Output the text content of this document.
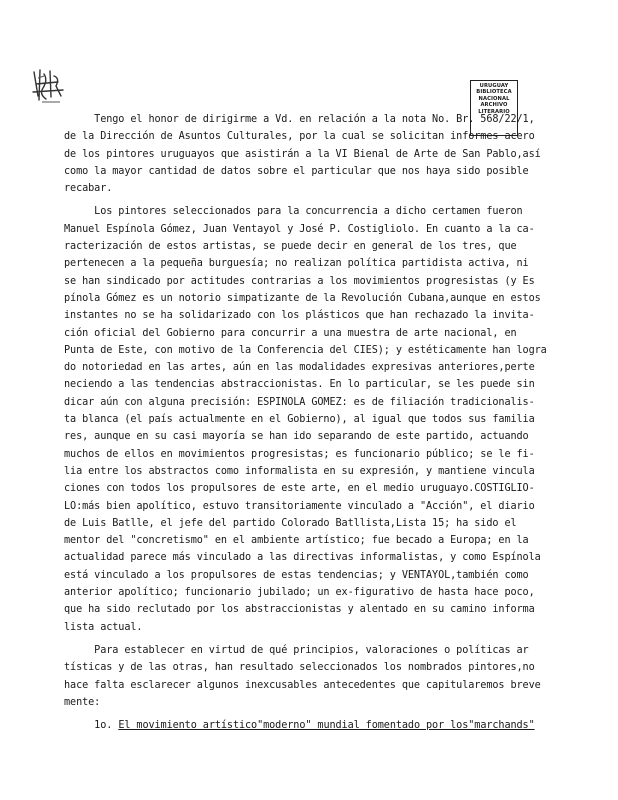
URUGUAY
BIBLIOTECA
NACIONAL
ARCHIVO
LITERARIO
Tengo el honor de dirigirme a Vd. en relación a la nota No. Br. 568/22/1,
de la Dirección de Asuntos Culturales, por la cual se solicitan informes acero
de los pintores uruguayos que asistirán a la VI Bienal de Arte de San Pablo,así
como la mayor cantidad de datos sobre el particular que nos haya sido posible
recabar.
Los pintores seleccionados para la concurrencia a dicho certamen fueron
Manuel Espínola Gómez, Juan Ventayol y José P. Costigliolo. En cuanto a la ca-
racterización de estos artistas, se puede decir en general de los tres, que
pertenecen a la pequeña burguesía; no realizan política partidista activa, ni
se han sindicado por actitudes contrarias a los movimientos progresistas (y Es
pínola Gómez es un notorio simpatizante de la Revolución Cubana,aunque en estos
instantes no se ha solidarizado con los plásticos que han rechazado la invita-
ción oficial del Gobierno para concurrir a una muestra de arte nacional, en
Punta de Este, con motivo de la Conferencia del CIES); y estéticamente han logra
do notoriedad en las artes, aún en las modalidades expresivas anteriores,perte
neciendo a las tendencias abstraccionistas. En lo particular, se les puede sin
dicar aún con alguna precisión: ESPINOLA GOMEZ: es de filiación tradicionalis-
ta blanca (el país actualmente en el Gobierno), al igual que todos sus familia
res, aunque en su casi mayoría se han ido separando de este partido, actuando
muchos de ellos en movimientos progresistas; es funcionario público; se le fi-
lia entre los abstractos como informalista en su expresión, y mantiene vincula
ciones con todos los propulsores de este arte, en el medio uruguayo.COSTIGLIO-
LO:más bien apolítico, estuvo transitoriamente vinculado a "Acción", el diario
de Luis Batlle, el jefe del partido Colorado Batllista,Lista 15; ha sido el
mentor del "concretismo" en el ambiente artístico; fue becado a Europa; en la
actualidad parece más vinculado a las directivas informalistas, y como Espínola
está vinculado a los propulsores de estas tendencias; y VENTAYOL,también como
anterior apolítico; funcionario jubilado; un ex-figurativo de hasta hace poco,
que ha sido reclutado por los abstraccionistas y alentado en su camino informa
lista actual.
Para establecer en virtud de qué principios, valoraciones o políticas ar
tísticas y de las otras, han resultado seleccionados los nombrados pintores,no
hace falta esclarecer algunos inexcusables antecedentes que capitularemos breve
mente:
1o. El movimiento artístico"moderno" mundial fomentado por los"marchands"
